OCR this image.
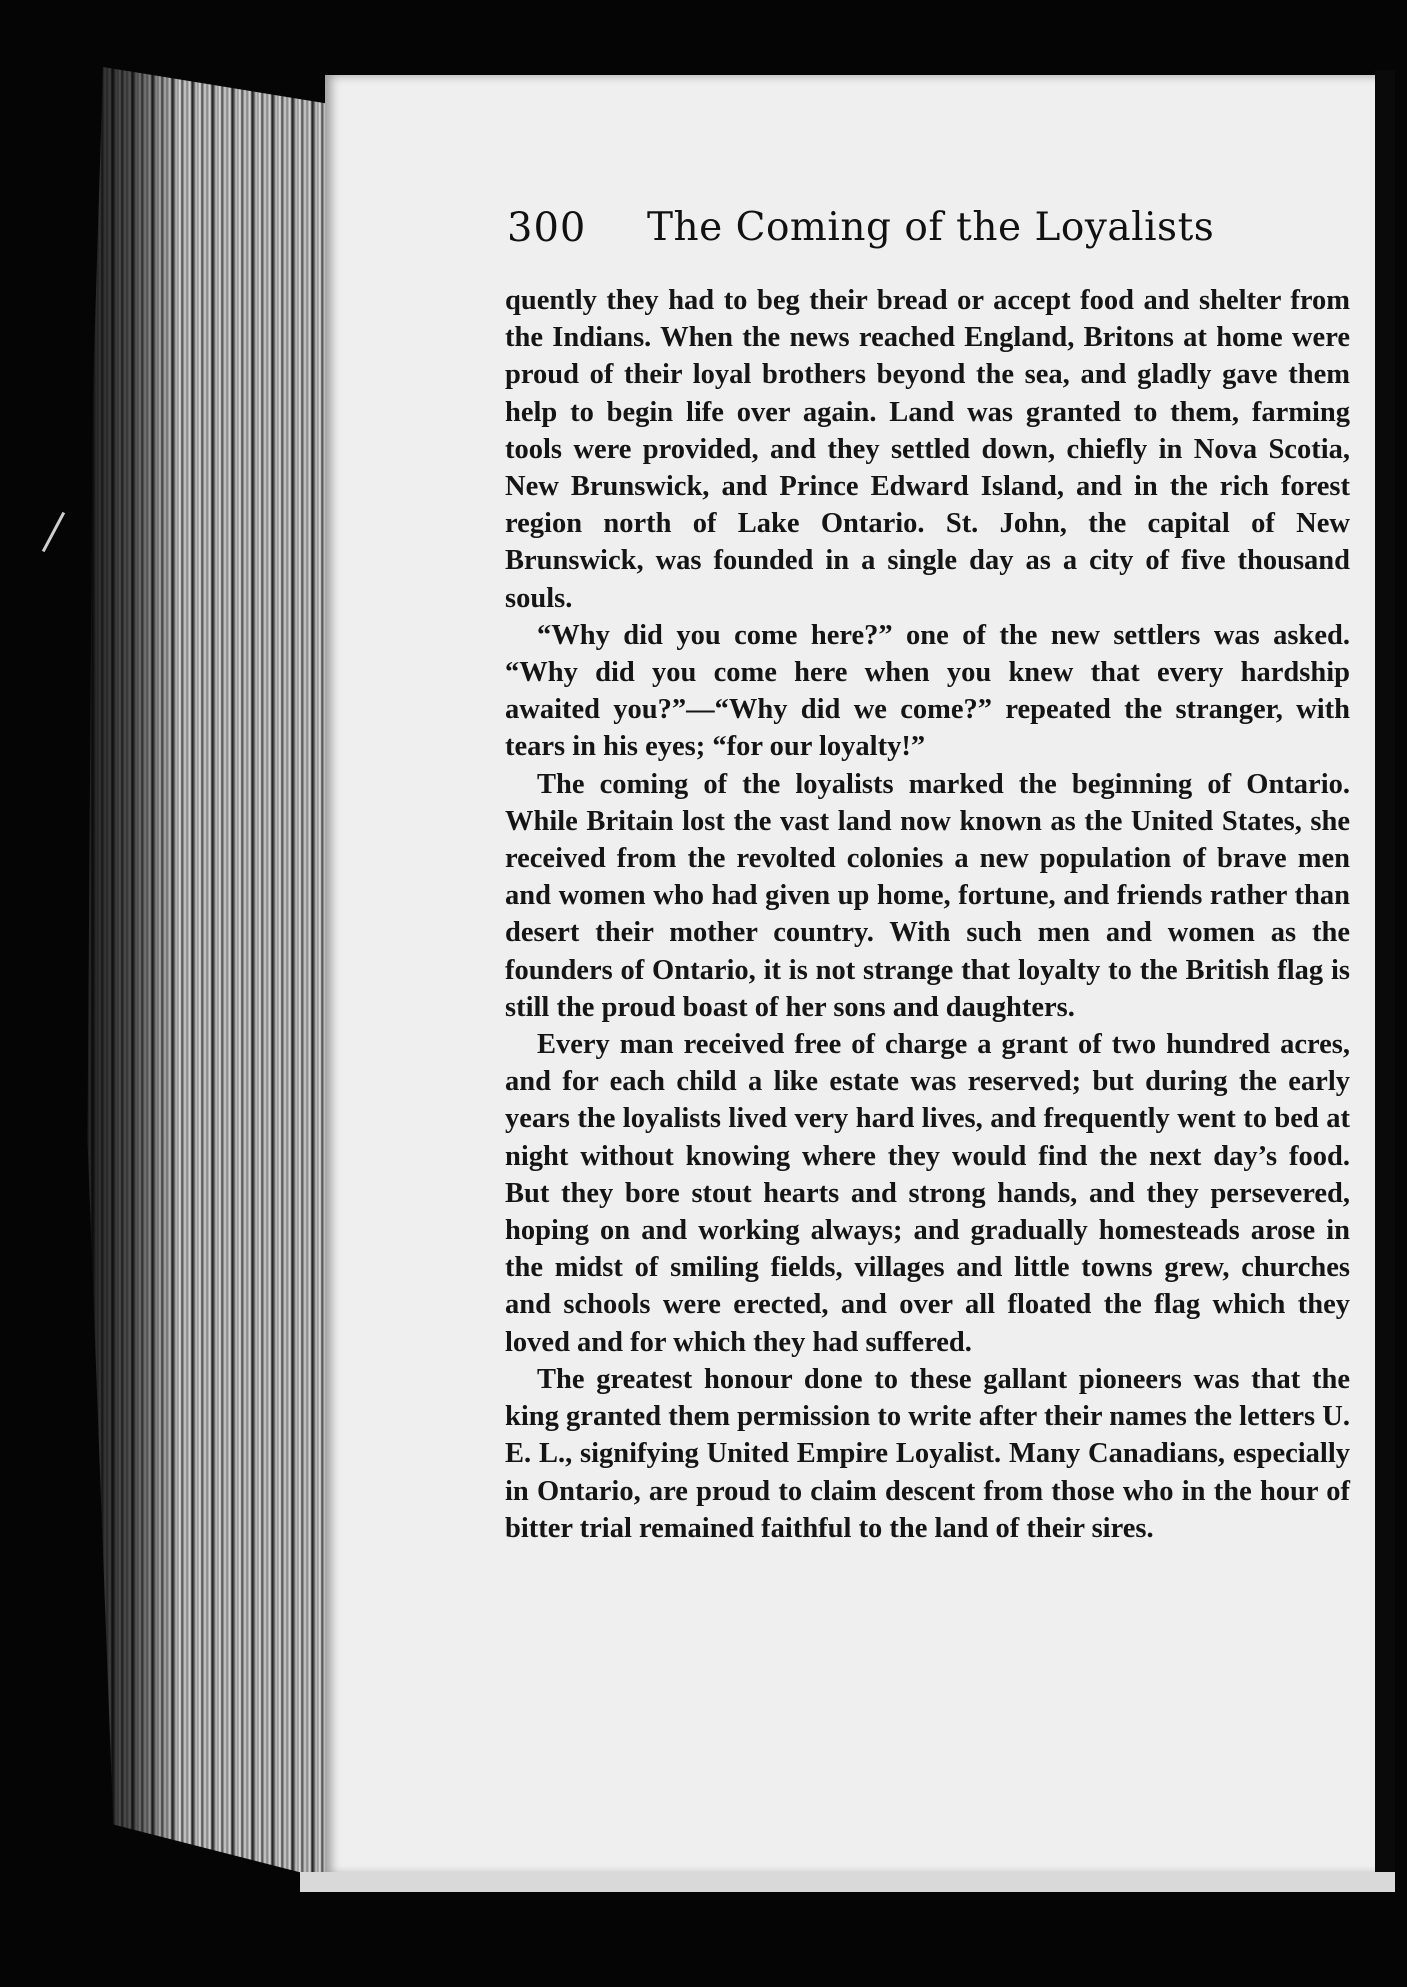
300 The Coming of the Loyalists

quently they had to beg their bread or accept food and shelter from the Indians. When the news reached England, Britons at home were proud of their loyal brothers beyond the sea, and gladly gave them help to begin life over again. Land was granted to them, farming tools were provided, and they settled down, chiefly in Nova Scotia, New Brunswick, and Prince Edward Island, and in the rich forest region north of Lake Ontario. St. John, the capital of New Brunswick, was founded in a single day as a city of five thousand souls.

“Why did you come here?” one of the new settlers was asked. “Why did you come here when you knew that every hardship awaited you?”—“Why did we come?” repeated the stranger, with tears in his eyes; “for our loyalty!”

The coming of the loyalists marked the beginning of Ontario. While Britain lost the vast land now known as the United States, she received from the revolted colonies a new population of brave men and women who had given up home, fortune, and friends rather than desert their mother country. With such men and women as the founders of Ontario, it is not strange that loyalty to the British flag is still the proud boast of her sons and daughters.

Every man received free of charge a grant of two hundred acres, and for each child a like estate was reserved; but during the early years the loyalists lived very hard lives, and frequently went to bed at night without knowing where they would find the next day’s food. But they bore stout hearts and strong hands, and they persevered, hoping on and working always; and gradually homesteads arose in the midst of smiling fields, villages and little towns grew, churches and schools were erected, and over all floated the flag which they loved and for which they had suffered.

The greatest honour done to these gallant pioneers was that the king granted them permission to write after their names the letters U. E. L., signifying United Empire Loyalist. Many Canadians, especially in Ontario, are proud to claim descent from those who in the hour of bitter trial remained faithful to the land of their sires.
